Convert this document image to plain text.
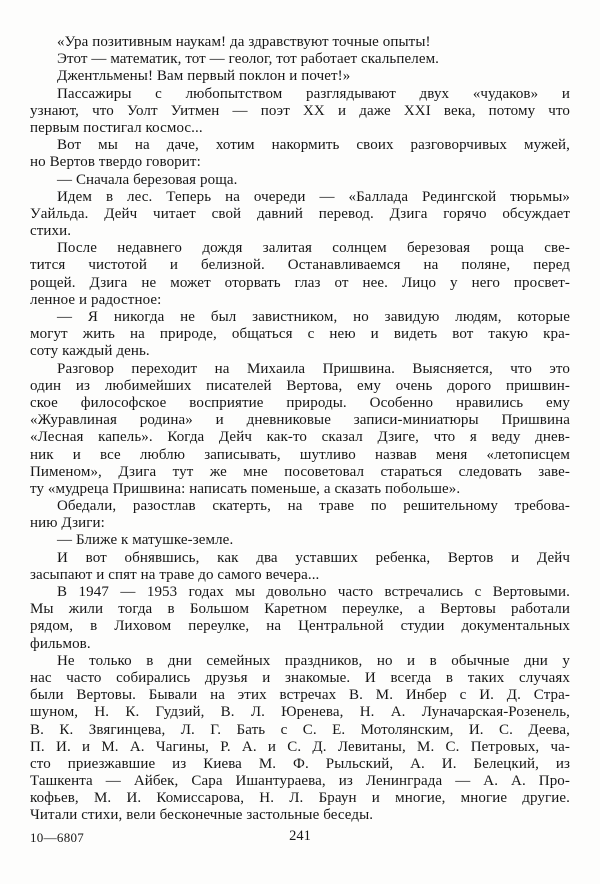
«Ура позитивным наукам! да здравствуют точные опыты!
Этот — математик, тот — геолог, тот работает скальпелем.
Джентльмены! Вам первый поклон и почет!»
Пассажиры с любопытством разглядывают двух «чудаков» и
узнают, что Уолт Уитмен — поэт XX и даже XXI века, потому что
первым постигал космос...
Вот мы на даче, хотим накормить своих разговорчивых мужей,
но Вертов твердо говорит:
— Сначала березовая роща.
Идем в лес. Теперь на очереди — «Баллада Редингской тюрьмы»
Уайльда. Дейч читает свой давний перевод. Дзига горячо обсуждает
стихи.
После недавнего дождя залитая солнцем березовая роща све-
тится чистотой и белизной. Останавливаемся на поляне, перед
рощей. Дзига не может оторвать глаз от нее. Лицо у него просвет-
ленное и радостное:
— Я никогда не был завистником, но завидую людям, которые
могут жить на природе, общаться с нею и видеть вот такую кра-
соту каждый день.
Разговор переходит на Михаила Пришвина. Выясняется, что это
один из любимейших писателей Вертова, ему очень дорого пришвин-
ское философское восприятие природы. Особенно нравились ему
«Журавлиная родина» и дневниковые записи-миниатюры Пришвина
«Лесная капель». Когда Дейч как-то сказал Дзиге, что я веду днев-
ник и все люблю записывать, шутливо назвав меня «летописцем
Пименом», Дзига тут же мне посоветовал стараться следовать заве-
ту «мудреца Пришвина: написать поменьше, а сказать побольше».
Обедали, разостлав скатерть, на траве по решительному требова-
нию Дзиги:
— Ближе к матушке-земле.
И вот обнявшись, как два уставших ребенка, Вертов и Дейч
засыпают и спят на траве до самого вечера...
В 1947 — 1953 годах мы довольно часто встречались с Вертовыми.
Мы жили тогда в Большом Каретном переулке, а Вертовы работали
рядом, в Лиховом переулке, на Центральной студии документальных
фильмов.
Не только в дни семейных праздников, но и в обычные дни у
нас часто собирались друзья и знакомые. И всегда в таких случаях
были Вертовы. Бывали на этих встречах В. М. Инбер с И. Д. Стра-
шуном, Н. К. Гудзий, В. Л. Юренева, Н. А. Луначарская-Розенель,
В. К. Звягинцева, Л. Г. Бать с С. Е. Мотолянским, И. С. Деева,
П. И. и М. А. Чагины, Р. А. и С. Д. Левитаны, М. С. Петровых, ча-
сто приезжавшие из Киева М. Ф. Рыльский, А. И. Белецкий, из
Ташкента — Айбек, Сара Ишантураева, из Ленинграда — А. А. Про-
кофьев, М. И. Комиссарова, Н. Л. Браун и многие, многие другие.
Читали стихи, вели бесконечные застольные беседы.
10—6807	241
